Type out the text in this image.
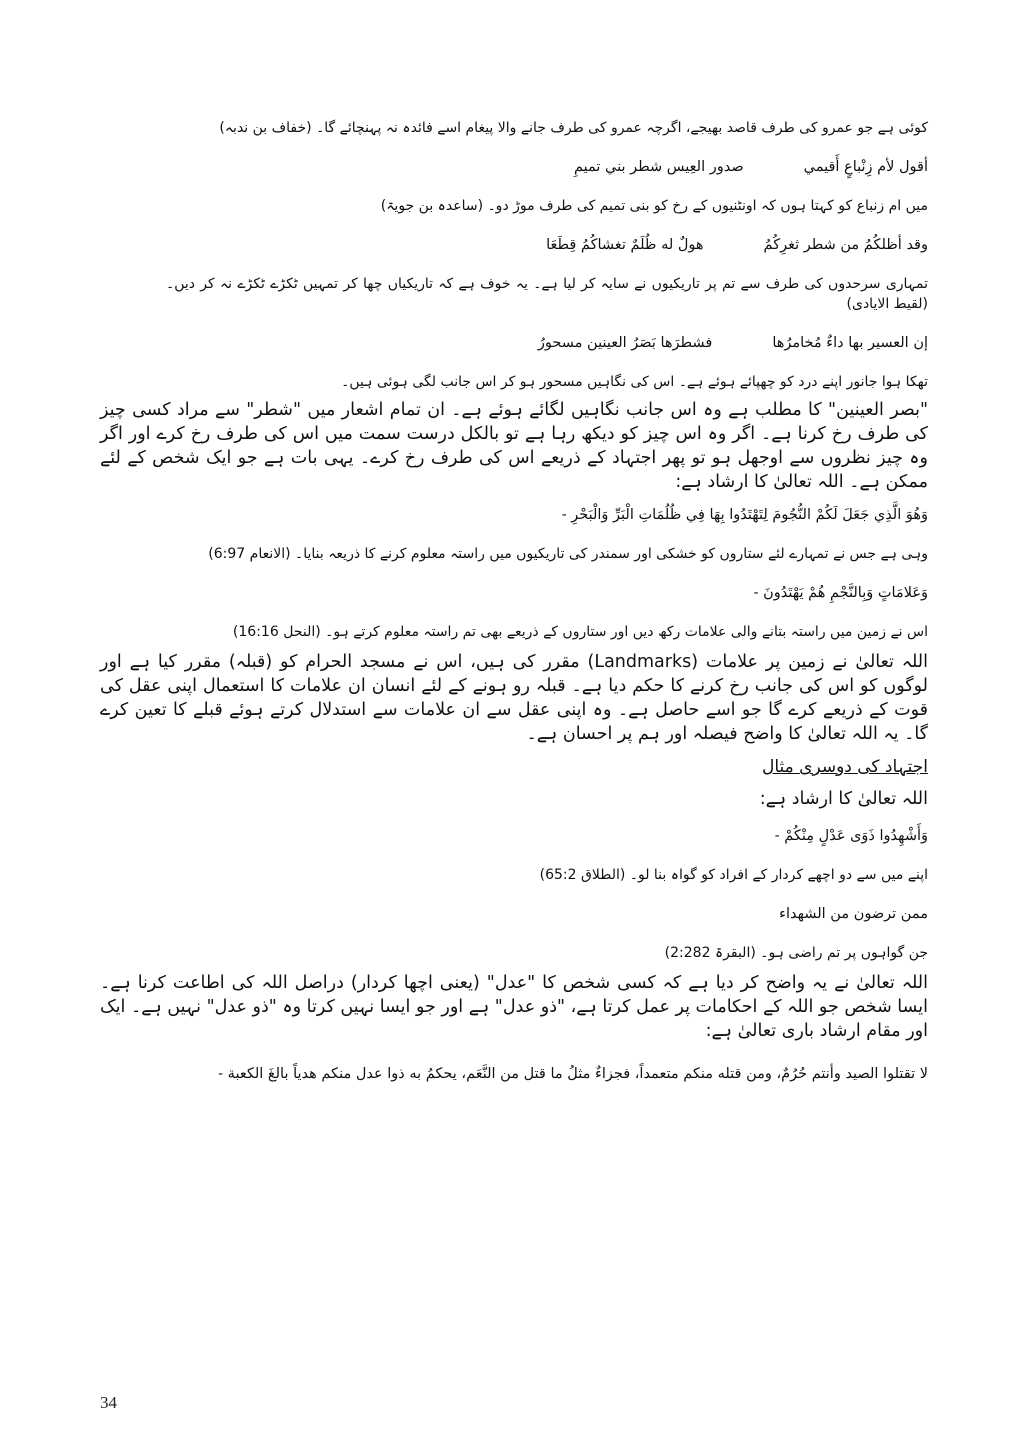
کوئی ہے جو عمرو کی طرف قاصد بھیجے، اگرچہ عمرو کی طرف جانے والا پیغام اسے فائدہ نہ پہنچائے گا۔ (خفاف بن ندبہ)

أقول لأم زِنْباعٍ أَقيمي
صدور العِيس شطر بني تميمِ

میں ام زنباع کو کہتا ہوں کہ اونٹنیوں کے رخ کو بنی تمیم کی طرف موڑ دو۔ (ساعدہ بن جویۃ)

وقد أظلكُمُ من شطر ثغرِكُمُ
هولٌ له ظُلَمٌ تغشاكُمُ قِطَعَا

تمہاری سرحدوں کی طرف سے تم پر تاریکیوں نے سایہ کر لیا ہے۔ یہ خوف ہے کہ تاریکیاں چھا کر تمہیں ٹکڑے ٹکڑے نہ کر دیں۔ (لقیط الایادی)

إن العسير بها داءٌ مُخامرُها
فشطرَها بَصَرُ العينين مسحورُ

تھکا ہوا جانور اپنے درد کو چھپائے ہوئے ہے۔ اس کی نگاہیں مسحور ہو کر اس جانب لگی ہوئی ہیں۔

"بصر العینین" کا مطلب ہے وہ اس جانب نگاہیں لگائے ہوئے ہے۔ ان تمام اشعار میں "شطر" سے مراد کسی چیز کی طرف رخ کرنا ہے۔ اگر وہ اس چیز کو دیکھ رہا ہے تو بالکل درست سمت میں اس کی طرف رخ کرے اور اگر وہ چیز نظروں سے اوجھل ہو تو پھر اجتہاد کے ذریعے اس کی طرف رخ کرے۔ یہی بات ہے جو ایک شخص کے لئے ممکن ہے۔ اللہ تعالیٰ کا ارشاد ہے:

وَهُوَ الَّذِي جَعَلَ لَكُمْ النُّجُومَ لِتَهْتَدُوا بِهَا فِي ظُلُمَاتِ الْبَرِّ وَالْبَحْرِ -

وہی ہے جس نے تمہارے لئے ستاروں کو خشکی اور سمندر کی تاریکیوں میں راستہ معلوم کرنے کا ذریعہ بنایا۔ (الانعام 6:97)

وَعَلامَاتٍ وَبِالنَّجْمِ هُمْ يَهْتَدُونَ -

اس نے زمین میں راستہ بتانے والی علامات رکھ دیں اور ستاروں کے ذریعے بھی تم راستہ معلوم کرتے ہو۔ (النحل 16:16)

اللہ تعالیٰ نے زمین پر علامات (Landmarks) مقرر کی ہیں، اس نے مسجد الحرام کو (قبلہ) مقرر کیا ہے اور لوگوں کو اس کی جانب رخ کرنے کا حکم دیا ہے۔ قبلہ رو ہونے کے لئے انسان ان علامات کا استعمال اپنی عقل کی قوت کے ذریعے کرے گا جو اسے حاصل ہے۔ وہ اپنی عقل سے ان علامات سے استدلال کرتے ہوئے قبلے کا تعین کرے گا۔ یہ اللہ تعالیٰ کا واضح فیصلہ اور ہم پر احسان ہے۔

اجتہاد کی دوسری مثال

اللہ تعالیٰ کا ارشاد ہے:

وَأَشْهِدُوا ذَوَى عَدْلٍ مِنْكُمْ -

اپنے میں سے دو اچھے کردار کے افراد کو گواہ بنا لو۔ (الطلاق 65:2)

ممن ترضون من الشهداء

جن گواہوں پر تم راضی ہو۔ (البقرۃ 2:282)

اللہ تعالیٰ نے یہ واضح کر دیا ہے کہ کسی شخص کا "عدل" (یعنی اچھا کردار) دراصل اللہ کی اطاعت کرنا ہے۔ ایسا شخص جو اللہ کے احکامات پر عمل کرتا ہے، "ذو عدل" ہے اور جو ایسا نہیں کرتا وہ "ذو عدل" نہیں ہے۔ ایک اور مقام ارشاد باری تعالیٰ ہے:

لا تقتلوا الصيد وأنتم حُرُمٌ، ومن قتله منكم متعمداً، فجزاءٌ مثلُ ما قتل من النَّعَم، يحكمُ به ذوا عدل منكم هدياً بالغَ الكعبة -

34
